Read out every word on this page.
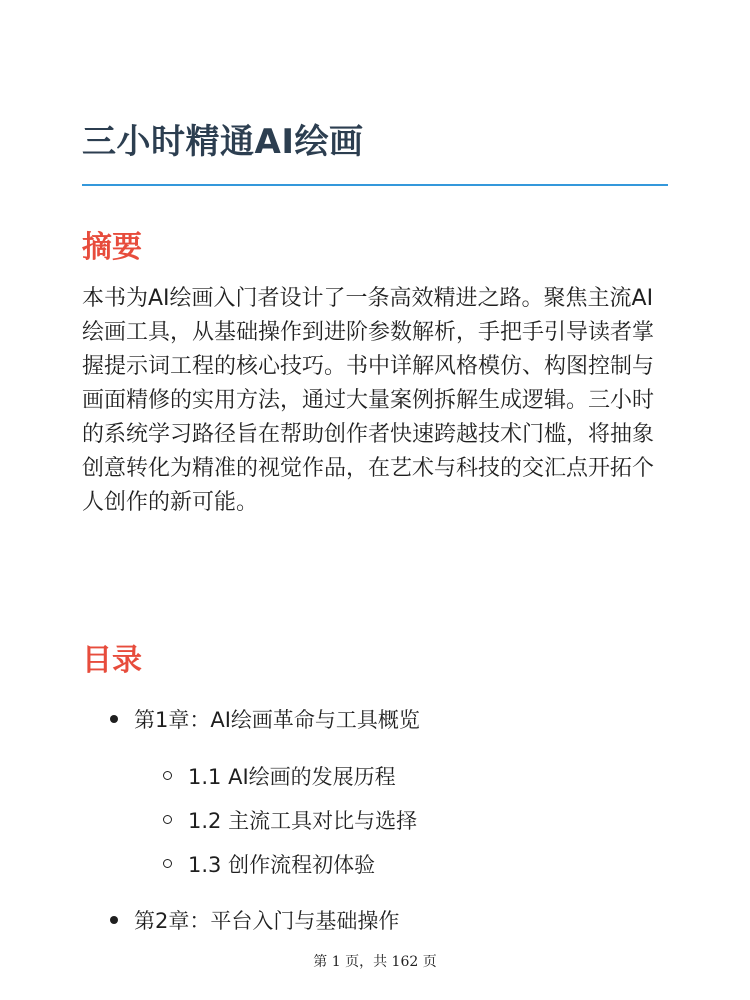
三小时精通AI绘画
摘要

本书为AI绘画入门者设计了一条高效精进之路。聚焦主流AI绘画工具，从基础操作到进阶参数解析，手把手引导读者掌握提示词工程的核心技巧。书中详解风格模仿、构图控制与画面精修的实用方法，通过大量案例拆解生成逻辑。三小时的系统学习路径旨在帮助创作者快速跨越技术门槛，将抽象创意转化为精准的视觉作品，在艺术与科技的交汇点开拓个人创作的新可能。

目录
第1章：AI绘画革命与工具概览
1.1 AI绘画的发展历程
1.2 主流工具对比与选择
1.3 创作流程初体验
第2章：平台入门与基础操作
第 1 页，共 162 页
